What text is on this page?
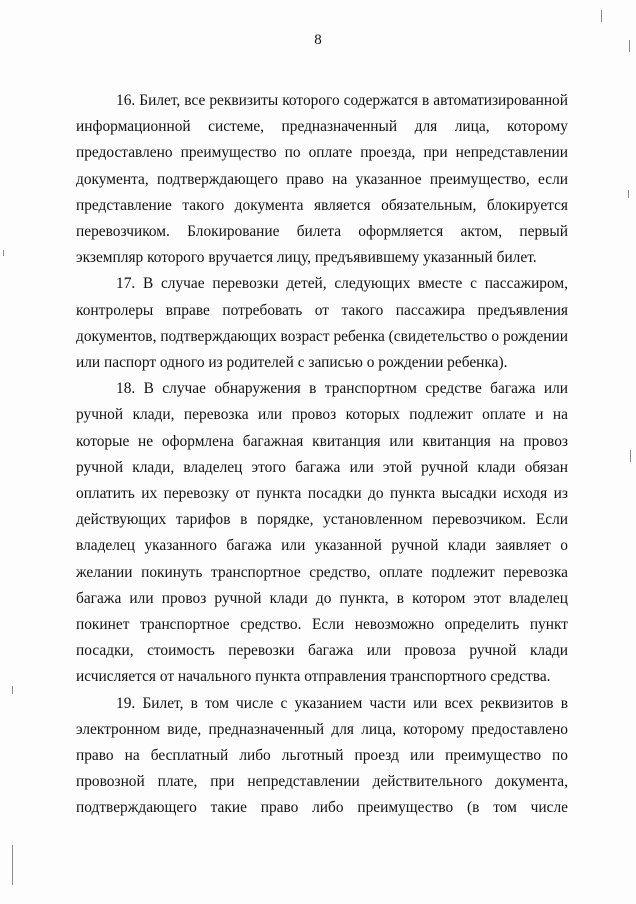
8
16. Билет, все реквизиты которого содержатся в автоматизированной
информационной системе, предназначенный для лица, которому
предоставлено преимущество по оплате проезда, при непредставлении
документа, подтверждающего право на указанное преимущество, если
представление такого документа является обязательным, блокируется
перевозчиком. Блокирование билета оформляется актом, первый
экземпляр которого вручается лицу, предъявившему указанный билет.
17. В случае перевозки детей, следующих вместе с пассажиром,
контролеры вправе потребовать от такого пассажира предъявления
документов, подтверждающих возраст ребенка (свидетельство о рождении
или паспорт одного из родителей с записью о рождении ребенка).
18. В случае обнаружения в транспортном средстве багажа или
ручной клади, перевозка или провоз которых подлежит оплате и на
которые не оформлена багажная квитанция или квитанция на провоз
ручной клади, владелец этого багажа или этой ручной клади обязан
оплатить их перевозку от пункта посадки до пункта высадки исходя из
действующих тарифов в порядке, установленном перевозчиком. Если
владелец указанного багажа или указанной ручной клади заявляет о
желании покинуть транспортное средство, оплате подлежит перевозка
багажа или провоз ручной клади до пункта, в котором этот владелец
покинет транспортное средство. Если невозможно определить пункт
посадки, стоимость перевозки багажа или провоза ручной клади
исчисляется от начального пункта отправления транспортного средства.
19. Билет, в том числе с указанием части или всех реквизитов в
электронном виде, предназначенный для лица, которому предоставлено
право на бесплатный либо льготный проезд или преимущество по
провозной плате, при непредставлении действительного документа,
подтверждающего такие право либо преимущество (в том числе
